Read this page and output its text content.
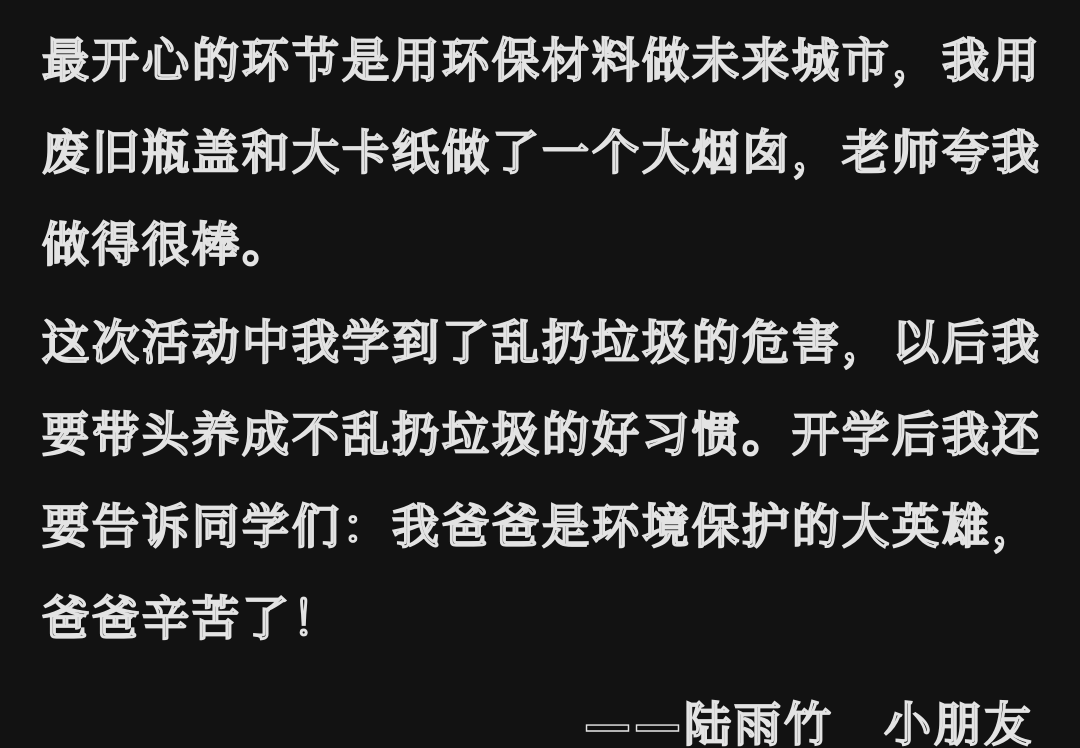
最开心的环节是用环保材料做未来城市，我用
废旧瓶盖和大卡纸做了一个大烟囱，老师夸我
做得很棒。
这次活动中我学到了乱扔垃圾的危害，以后我
要带头养成不乱扔垃圾的好习惯。开学后我还
要告诉同学们：我爸爸是环境保护的大英雄，
爸爸辛苦了！
——陆雨竹　小朋友
